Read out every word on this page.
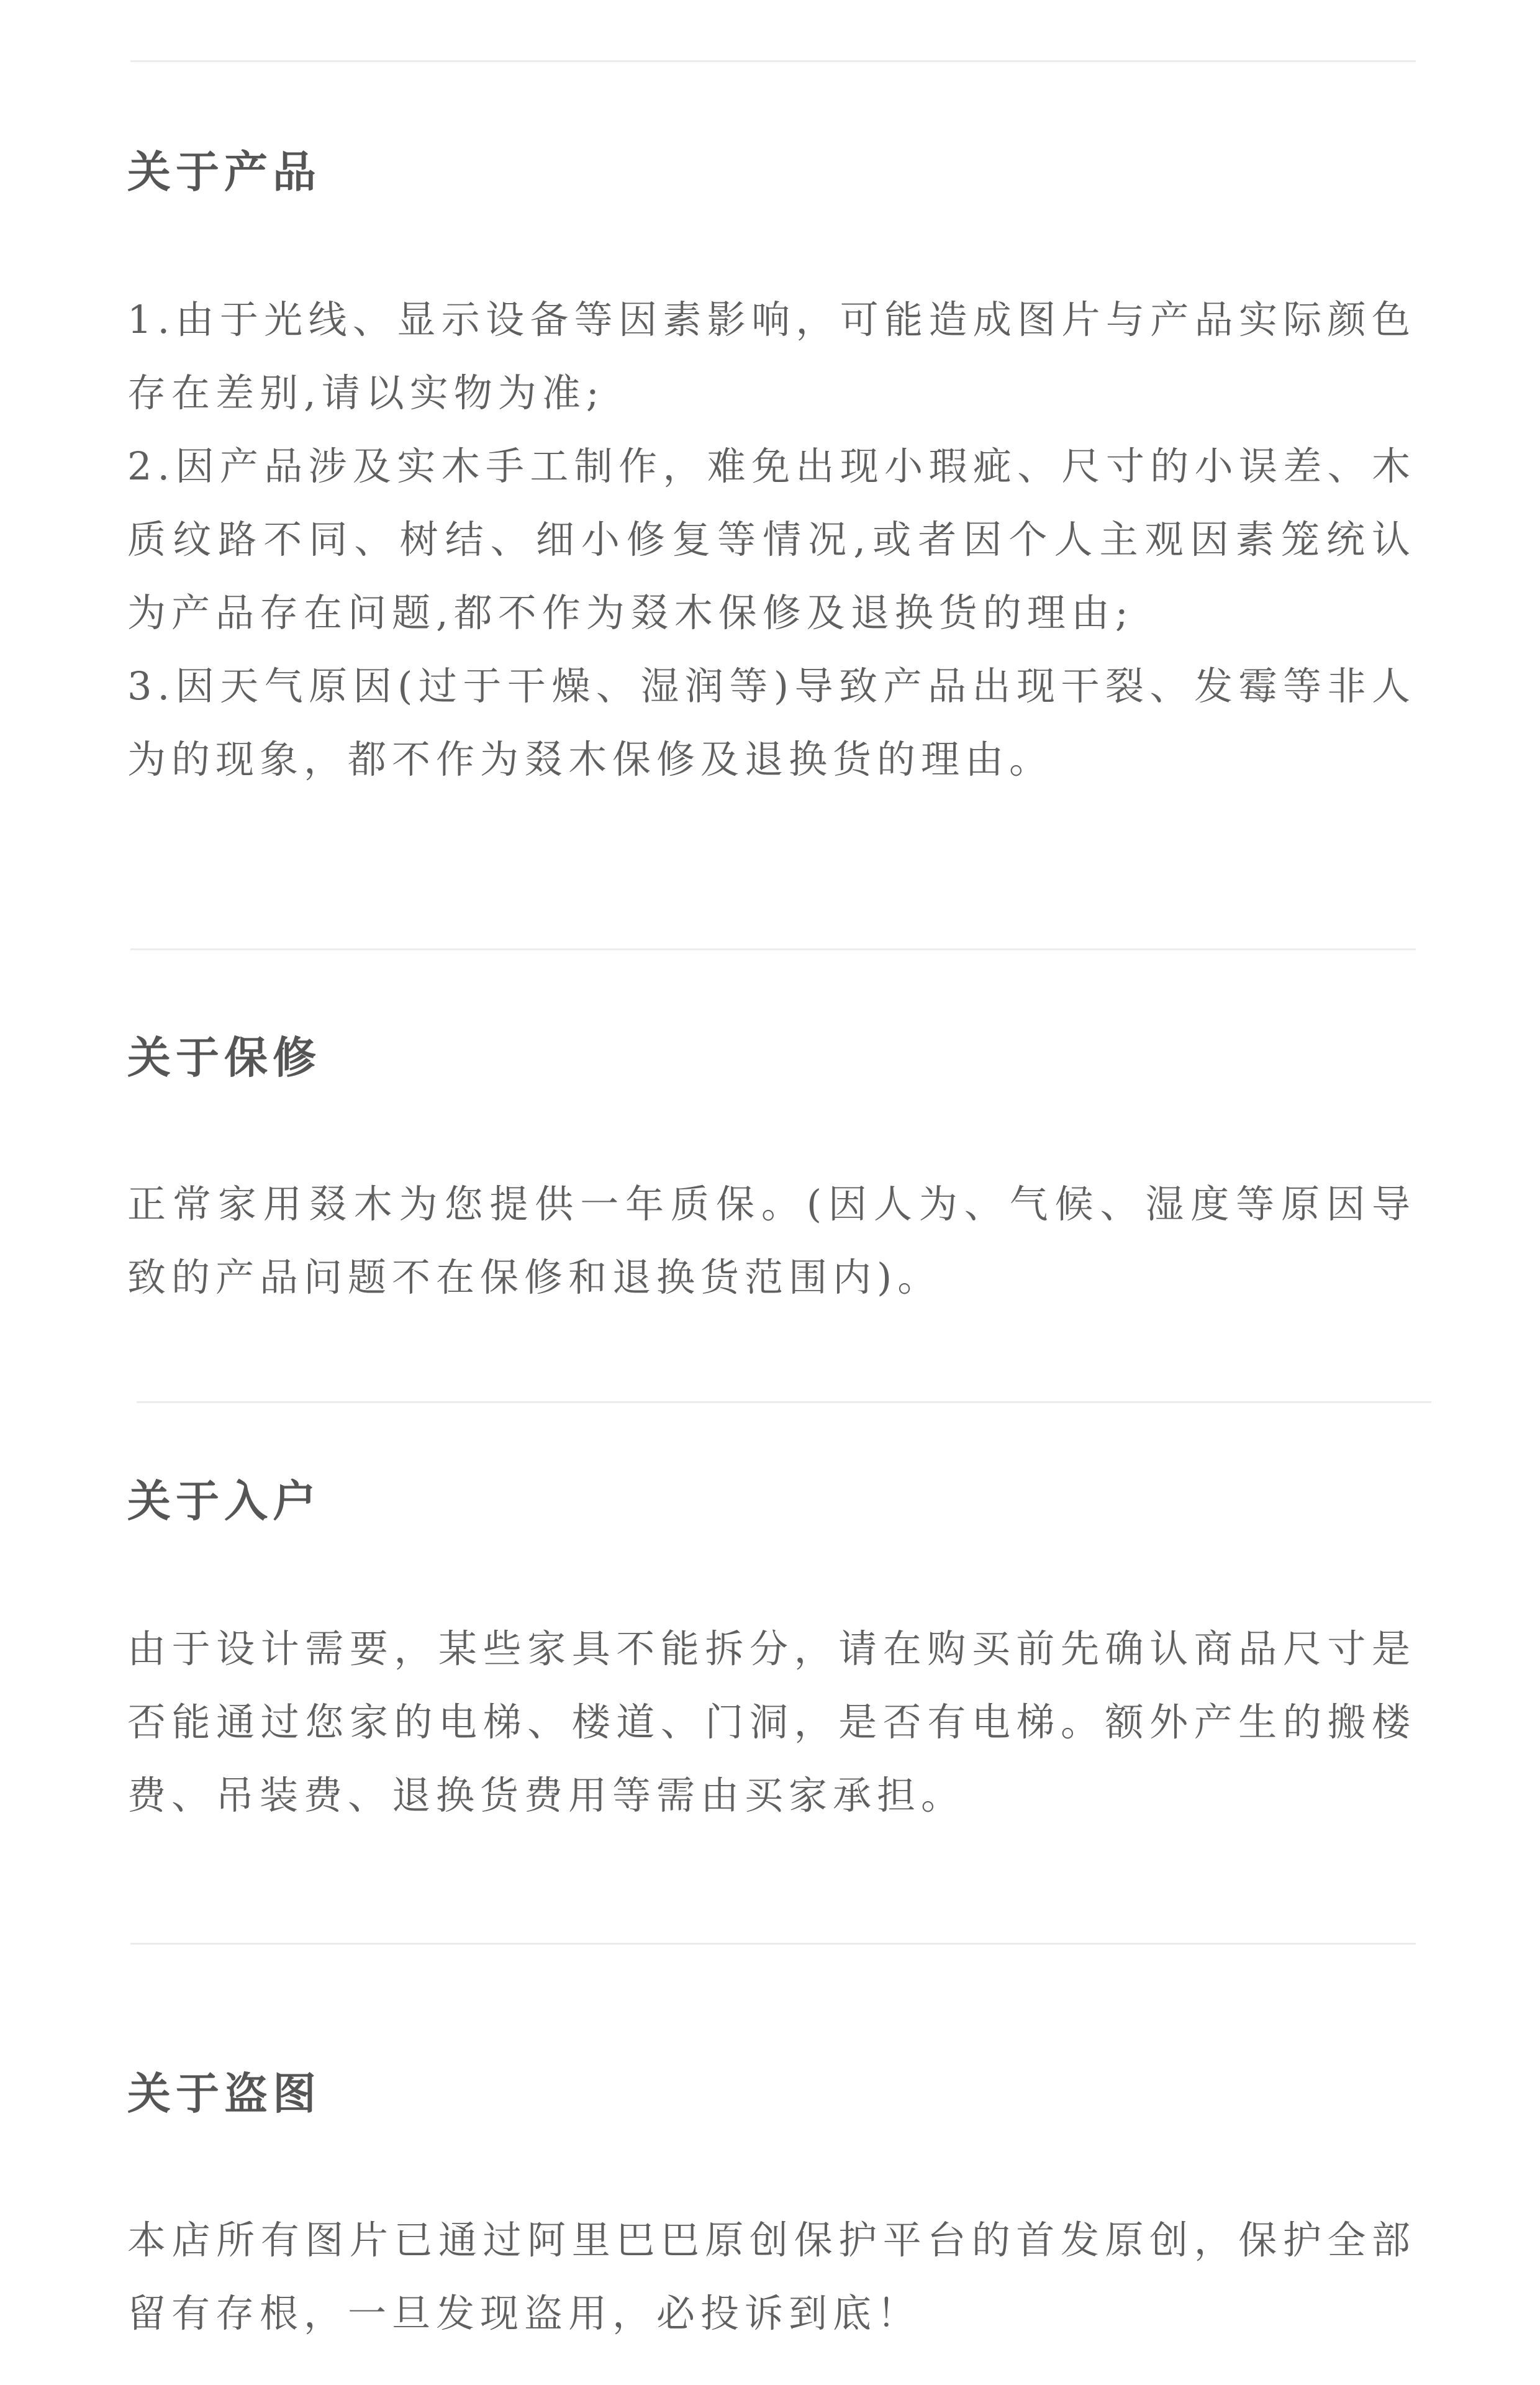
关于产品

1.由于光线、显示设备等因素影响，可能造成图片与产品实际颜色存在差别,请以实物为准;

2.因产品涉及实木手工制作，难免出现小瑕疵、尺寸的小误差、木质纹路不同、树结、细小修复等情况,或者因个人主观因素笼统认为产品存在问题,都不作为叕木保修及退换货的理由;

3.因天气原因(过于干燥、湿润等)导致产品出现干裂、发霉等非人为的现象，都不作为叕木保修及退换货的理由。

关于保修

正常家用叕木为您提供一年质保。(因人为、气候、湿度等原因导致的产品问题不在保修和退换货范围内)。

关于入户

由于设计需要，某些家具不能拆分，请在购买前先确认商品尺寸是否能通过您家的电梯、楼道、门洞，是否有电梯。额外产生的搬楼费、吊装费、退换货费用等需由买家承担。

关于盗图

本店所有图片已通过阿里巴巴原创保护平台的首发原创，保护全部留有存根，一旦发现盗用，必投诉到底！
